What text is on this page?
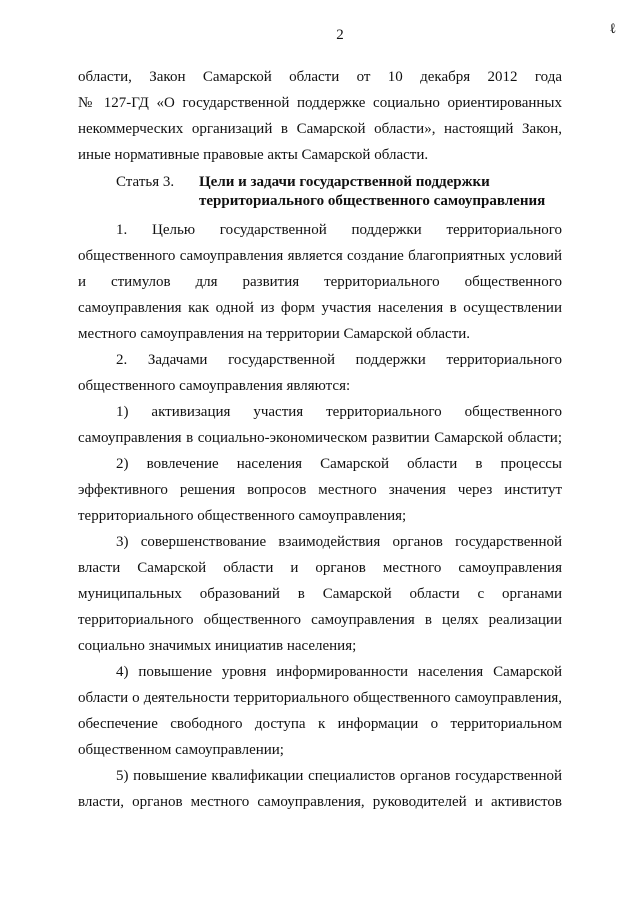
2	ℓ
области, Закон Самарской области от 10 декабря 2012 года
№ 127-ГД «О государственной поддержке социально ориентированных
некоммерческих организаций в Самарской области», настоящий Закон,
иные нормативные правовые акты Самарской области.
Статья 3. Цели и задачи государственной поддержки
территориального общественного самоуправления
1. Целью государственной поддержки территориального
общественного самоуправления является создание благоприятных условий
и стимулов для развития территориального общественного
самоуправления как одной из форм участия населения в осуществлении
местного самоуправления на территории Самарской области.
2. Задачами государственной поддержки территориального
общественного самоуправления являются:
1) активизация участия территориального общественного
самоуправления в социально-экономическом развитии Самарской области;
2) вовлечение населения Самарской области в процессы
эффективного решения вопросов местного значения через институт
территориального общественного самоуправления;
3) совершенствование взаимодействия органов государственной
власти Самарской области и органов местного самоуправления
муниципальных образований в Самарской области с органами
территориального общественного самоуправления в целях реализации
социально значимых инициатив населения;
4) повышение уровня информированности населения Самарской
области о деятельности территориального общественного самоуправления,
обеспечение свободного доступа к информации о территориальном
общественном самоуправлении;
5) повышение квалификации специалистов органов государственной
власти, органов местного самоуправления, руководителей и активистов
